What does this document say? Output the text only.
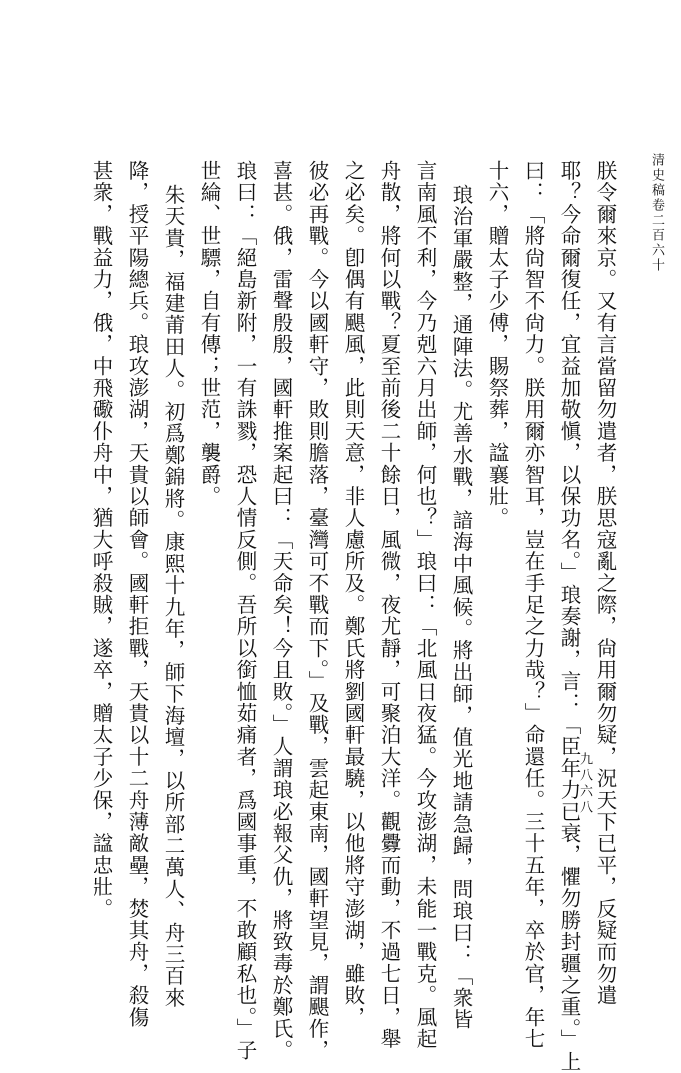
清史稿卷二百六十
朕令爾來京。又有言當留勿遣者，朕思寇亂之際，尙用爾勿疑，況天下已平，反疑而勿遣
耶？今命爾復任，宜益加敬愼，以保功名。」琅奏謝，言：「臣年力已衰，懼勿勝封疆之重。」上
曰：「將尙智不尙力。朕用爾亦智耳，豈在手足之力哉？」命還任。三十五年，卒於官，年七
十六，贈太子少傅，賜祭葬，諡襄壯。
琅治軍嚴整，通陣法。尤善水戰，諳海中風候。將出師，值光地請急歸，問琅曰：「衆皆
言南風不利，今乃剋六月出師，何也？」琅曰：「北風日夜猛。今攻澎湖，未能一戰克。風起
舟散，將何以戰？夏至前後二十餘日，風微，夜尤靜，可聚泊大洋。觀釁而動，不過七日，舉
之必矣。卽偶有颶風，此則天意，非人慮所及。鄭氏將劉國軒最驍，以他將守澎湖，雖敗，
彼必再戰。今以國軒守，敗則膽落，臺灣可不戰而下。」及戰，雲起東南，國軒望見，謂颶作，
喜甚。俄，雷聲殷殷，國軒推案起曰：「天命矣！今且敗。」人謂琅必報父仇，將致毒於鄭氏。
琅曰：「絕島新附，一有誅戮，恐人情反側。吾所以銜恤茹痛者，爲國事重，不敢顧私也。」子
世綸、世驃，自有傳；世范，襲爵。
朱天貴，福建莆田人。初爲鄭錦將。康熙十九年，師下海壇，以所部二萬人、舟三百來
降，授平陽總兵。琅攻澎湖，天貴以師會。國軒拒戰，天貴以十二舟薄敵壘，焚其舟，殺傷
甚衆，戰益力，俄，中飛礮仆舟中，猶大呼殺賊，遂卒，贈太子少保，諡忠壯。	九八六八
